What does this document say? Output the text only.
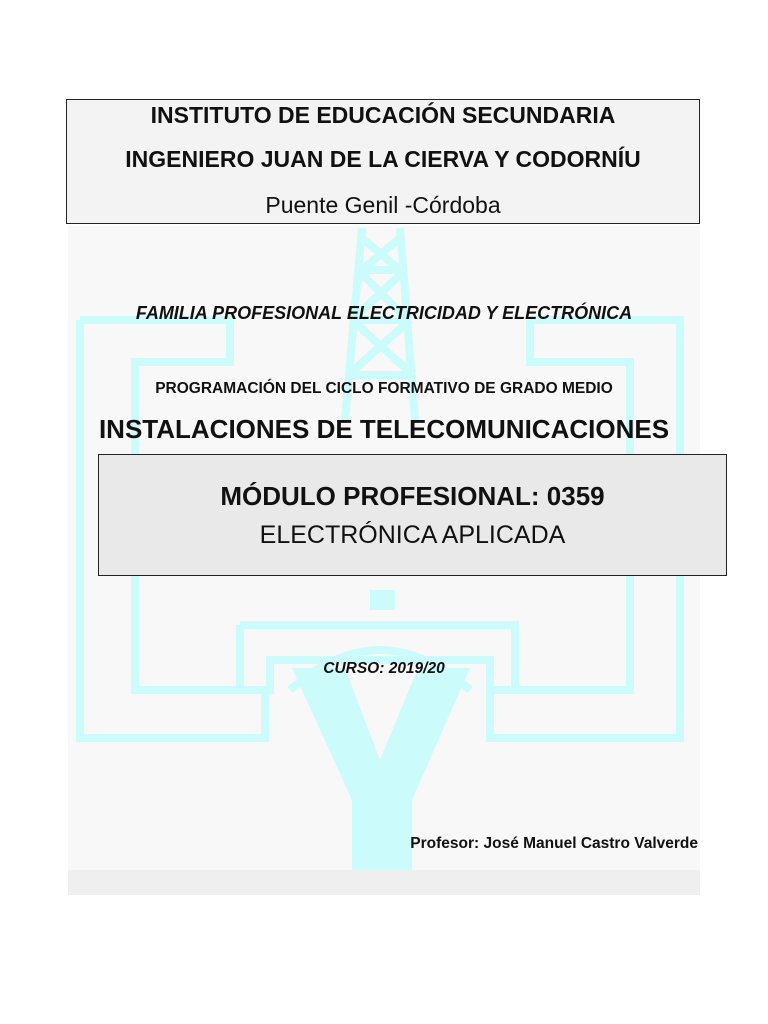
INSTITUTO DE EDUCACIÓN SECUNDARIA
INGENIERO JUAN DE LA CIERVA Y CODORNÍU
Puente Genil -Córdoba
FAMILIA PROFESIONAL ELECTRICIDAD Y ELECTRÓNICA
PROGRAMACIÓN DEL CICLO FORMATIVO DE GRADO MEDIO
INSTALACIONES DE TELECOMUNICACIONES
MÓDULO PROFESIONAL: 0359
ELECTRÓNICA APLICADA
CURSO: 2019/20
Profesor: José Manuel Castro Valverde
